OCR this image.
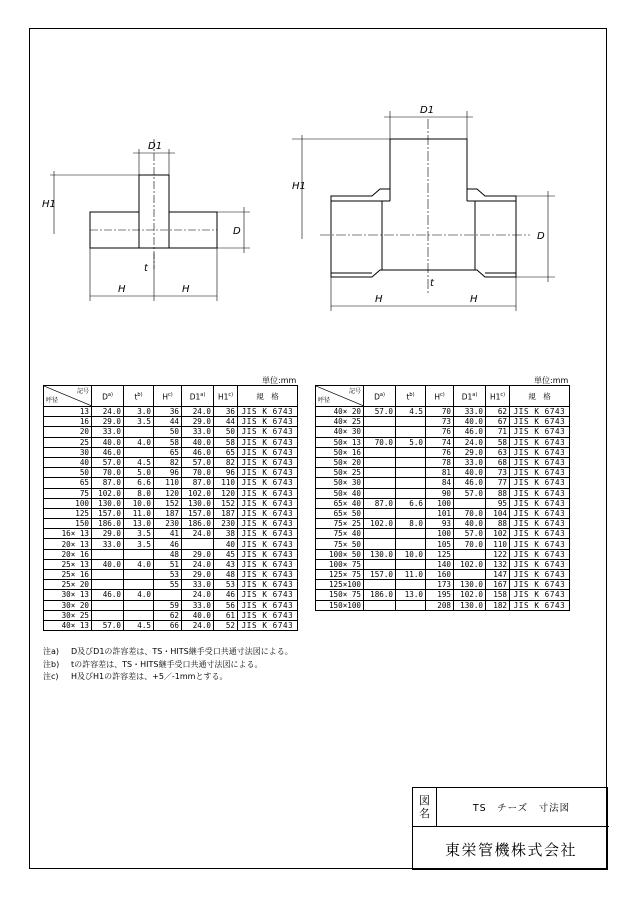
D1
H1
D
H	H
t
D1
H1
D
H	H
t
単位:mm	単位:mm
記号
呼径	$D^{a)}$	$t^{b)}$	$H^{c)}$	D1$^{a)}$	H1$^{c)}$	規　格
13	24.0	3.0	36	24.0	36	JIS K 6743
16	29.0	3.5	44	29.0	44	JIS K 6743
20	33.0		50	33.0	50	JIS K 6743
25	40.0	4.0	58	40.0	58	JIS K 6743
30	46.0		65	46.0	65	JIS K 6743
40	57.0	4.5	82	57.0	82	JIS K 6743
50	70.0	5.0	96	70.0	96	JIS K 6743
65	87.0	6.6	110	87.0	110	JIS K 6743
75	102.0	8.0	120	102.0	120	JIS K 6743
100	130.0	10.0	152	130.0	152	JIS K 6743
125	157.0	11.0	187	157.0	187	JIS K 6743
150	186.0	13.0	230	186.0	230	JIS K 6743
16× 13	29.0	3.5	41	24.0	38	JIS K 6743
20× 13	33.0	3.5	46		40	JIS K 6743
20× 16			48	29.0	45	JIS K 6743
25× 13	40.0	4.0	51	24.0	43	JIS K 6743
25× 16			53	29.0	48	JIS K 6743
25× 20			55	33.0	53	JIS K 6743
30× 13	46.0	4.0		24.0	46	JIS K 6743
30× 20			59	33.0	56	JIS K 6743
30× 25			62	40.0	61	JIS K 6743
40× 13	57.0	4.5	66	24.0	52	JIS K 6743
記号
呼径	$D^{a)}$	$t^{b)}$	$H^{c)}$	D1$^{a)}$	H1$^{c)}$	規　格
40× 20	57.0	4.5	70	33.0	62	JIS K 6743
40× 25			73	40.0	67	JIS K 6743
40× 30			76	46.0	71	JIS K 6743
50× 13	70.0	5.0	74	24.0	58	JIS K 6743
50× 16			76	29.0	63	JIS K 6743
50× 20			78	33.0	68	JIS K 6743
50× 25			81	40.0	73	JIS K 6743
50× 30			84	46.0	77	JIS K 6743
50× 40			90	57.0	88	JIS K 6743
65× 40	87.0	6.6	100		95	JIS K 6743
65× 50			101	70.0	104	JIS K 6743
75× 25	102.0	8.0	93	40.0	88	JIS K 6743
75× 40			100	57.0	102	JIS K 6743
75× 50			105	70.0	110	JIS K 6743
100× 50	130.0	10.0	125		122	JIS K 6743
100× 75			140	102.0	132	JIS K 6743
125× 75	157.0	11.0	160		147	JIS K 6743
125×100			173	130.0	167	JIS K 6743
150× 75	186.0	13.0	195	102.0	158	JIS K 6743
150×100			208	130.0	182	JIS K 6743
注a) D及びD1の許容差は、TS・HITS継手受口共通寸法図による。
注b) tの許容差は、TS・HITS継手受口共通寸法図による。
注c) H及びH1の許容差は、+5／-1mmとする。
図
名	TS　チーズ　寸法図
東栄管機株式会社
